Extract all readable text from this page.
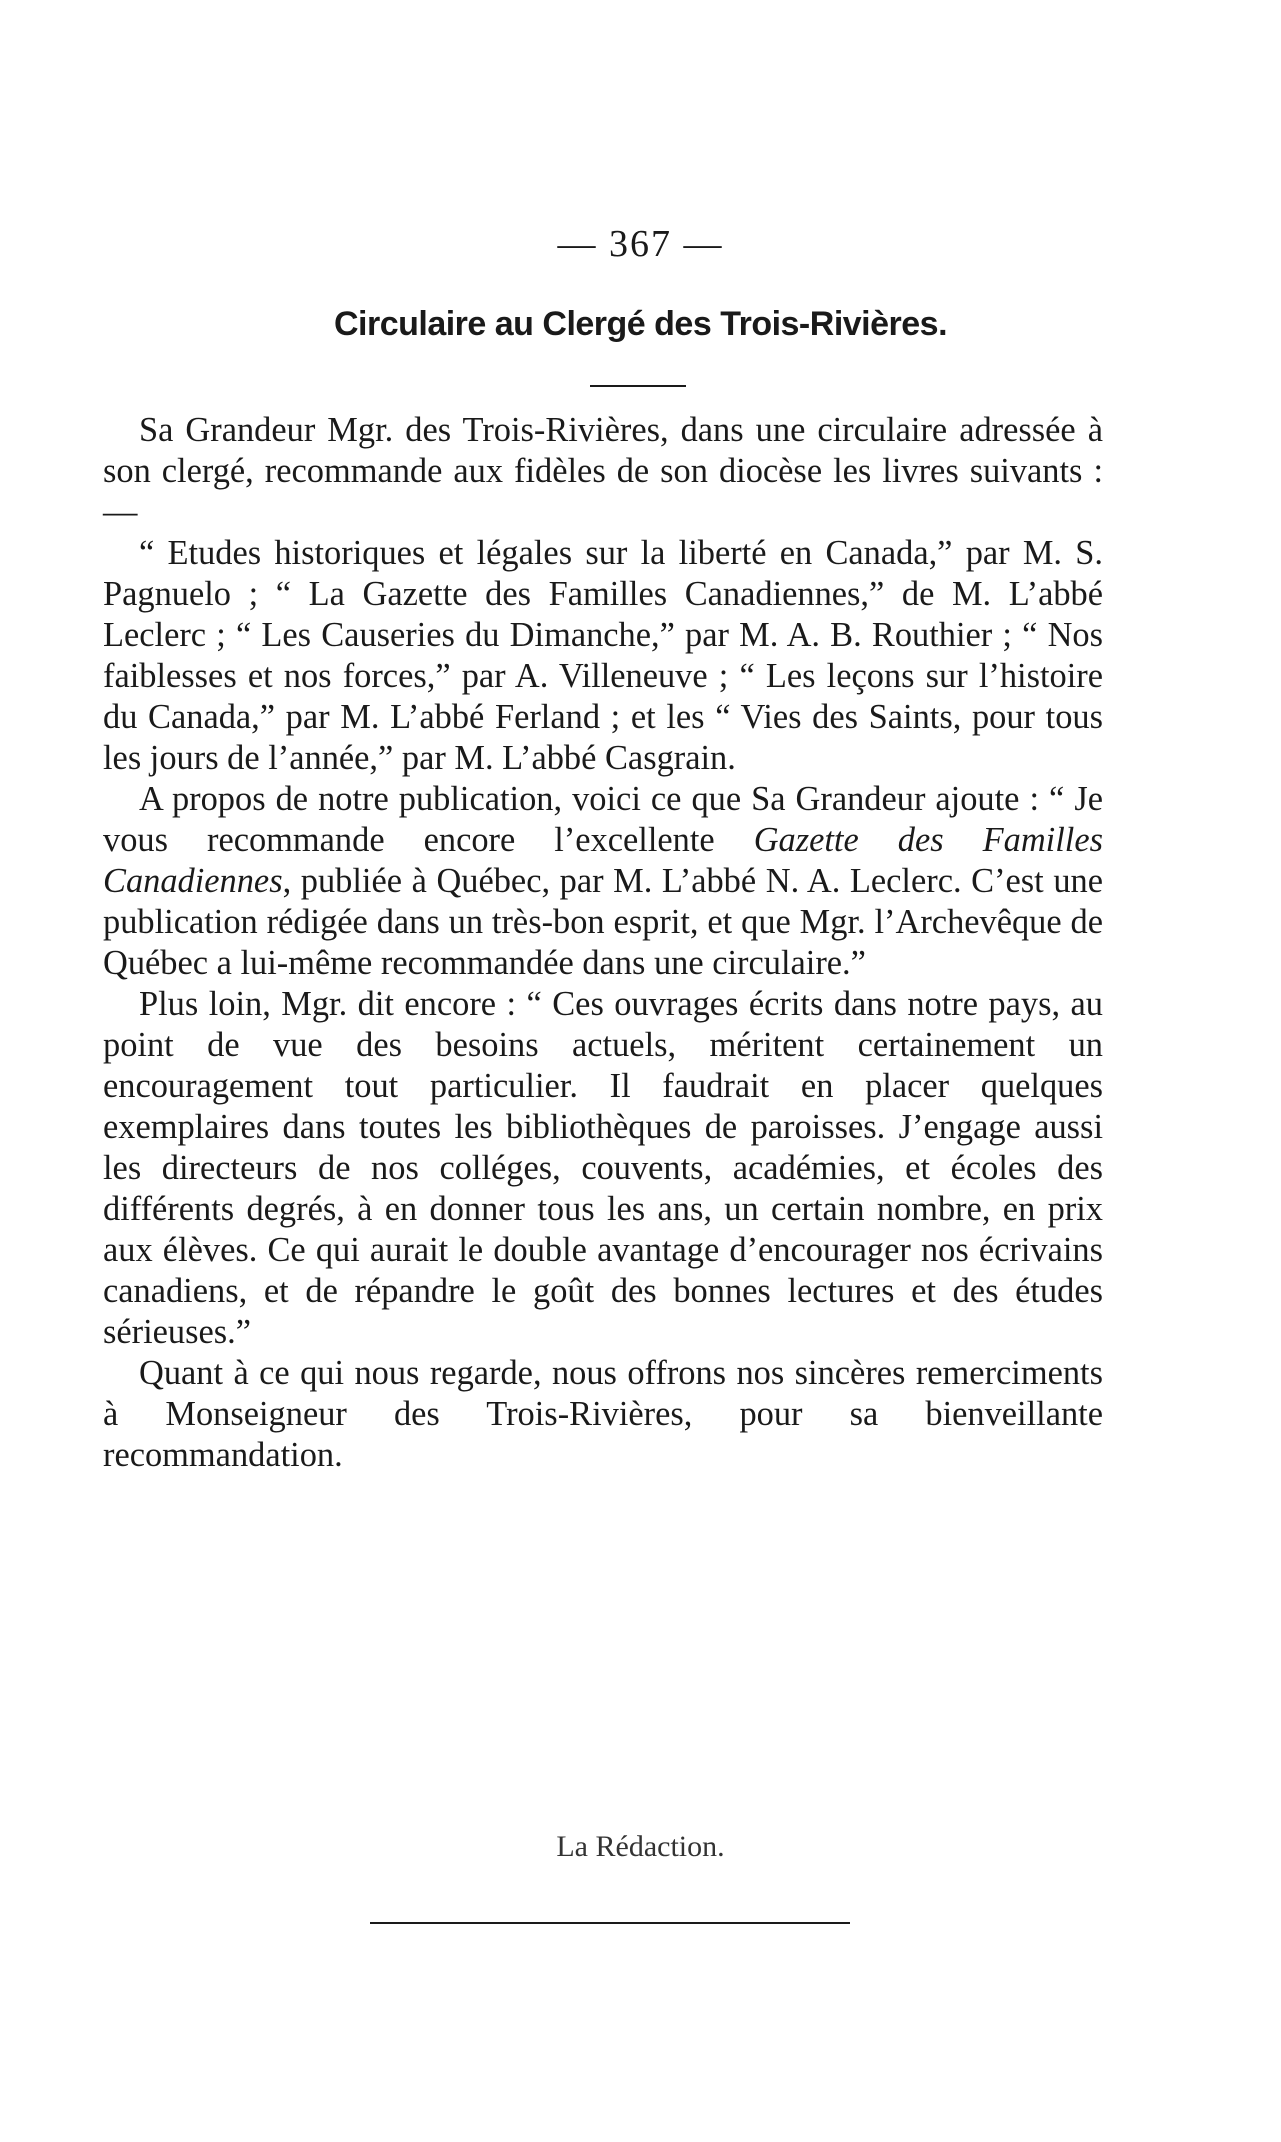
— 367 —
Circulaire au Clergé des Trois-Rivières.

Sa Grandeur Mgr. des Trois-Rivières, dans une circulaire adressée à son clergé, recommande aux fidèles de son diocèse les livres suivants :—

“ Etudes historiques et légales sur la liberté en Canada,” par M. S. Pagnuelo ; “ La Gazette des Familles Canadiennes,” de M. L’abbé Leclerc ; “ Les Causeries du Dimanche,” par M. A. B. Routhier ; “ Nos faiblesses et nos forces,” par A. Villeneuve ; “ Les leçons sur l’histoire du Canada,” par M. L’abbé Ferland ; et les “ Vies des Saints, pour tous les jours de l’année,” par M. L’abbé Casgrain.

A propos de notre publication, voici ce que Sa Grandeur ajoute : “ Je vous recommande encore l’excellente Gazette des Familles Canadiennes, publiée à Québec, par M. L’abbé N. A. Leclerc. C’est une publication rédigée dans un très-bon esprit, et que Mgr. l’Archevêque de Québec a lui-même recommandée dans une circulaire.”

Plus loin, Mgr. dit encore : “ Ces ouvrages écrits dans notre pays, au point de vue des besoins actuels, méritent certainement un encouragement tout particulier. Il faudrait en placer quelques exemplaires dans toutes les bibliothèques de paroisses. J’engage aussi les directeurs de nos colléges, couvents, académies, et écoles des différents degrés, à en donner tous les ans, un certain nombre, en prix aux élèves. Ce qui aurait le double avantage d’encourager nos écrivains canadiens, et de répandre le goût des bonnes lectures et des études sérieuses.”

Quant à ce qui nous regarde, nous offrons nos sincères remerciments à Monseigneur des Trois-Rivières, pour sa bienveillante recommandation.

La Rédaction.
